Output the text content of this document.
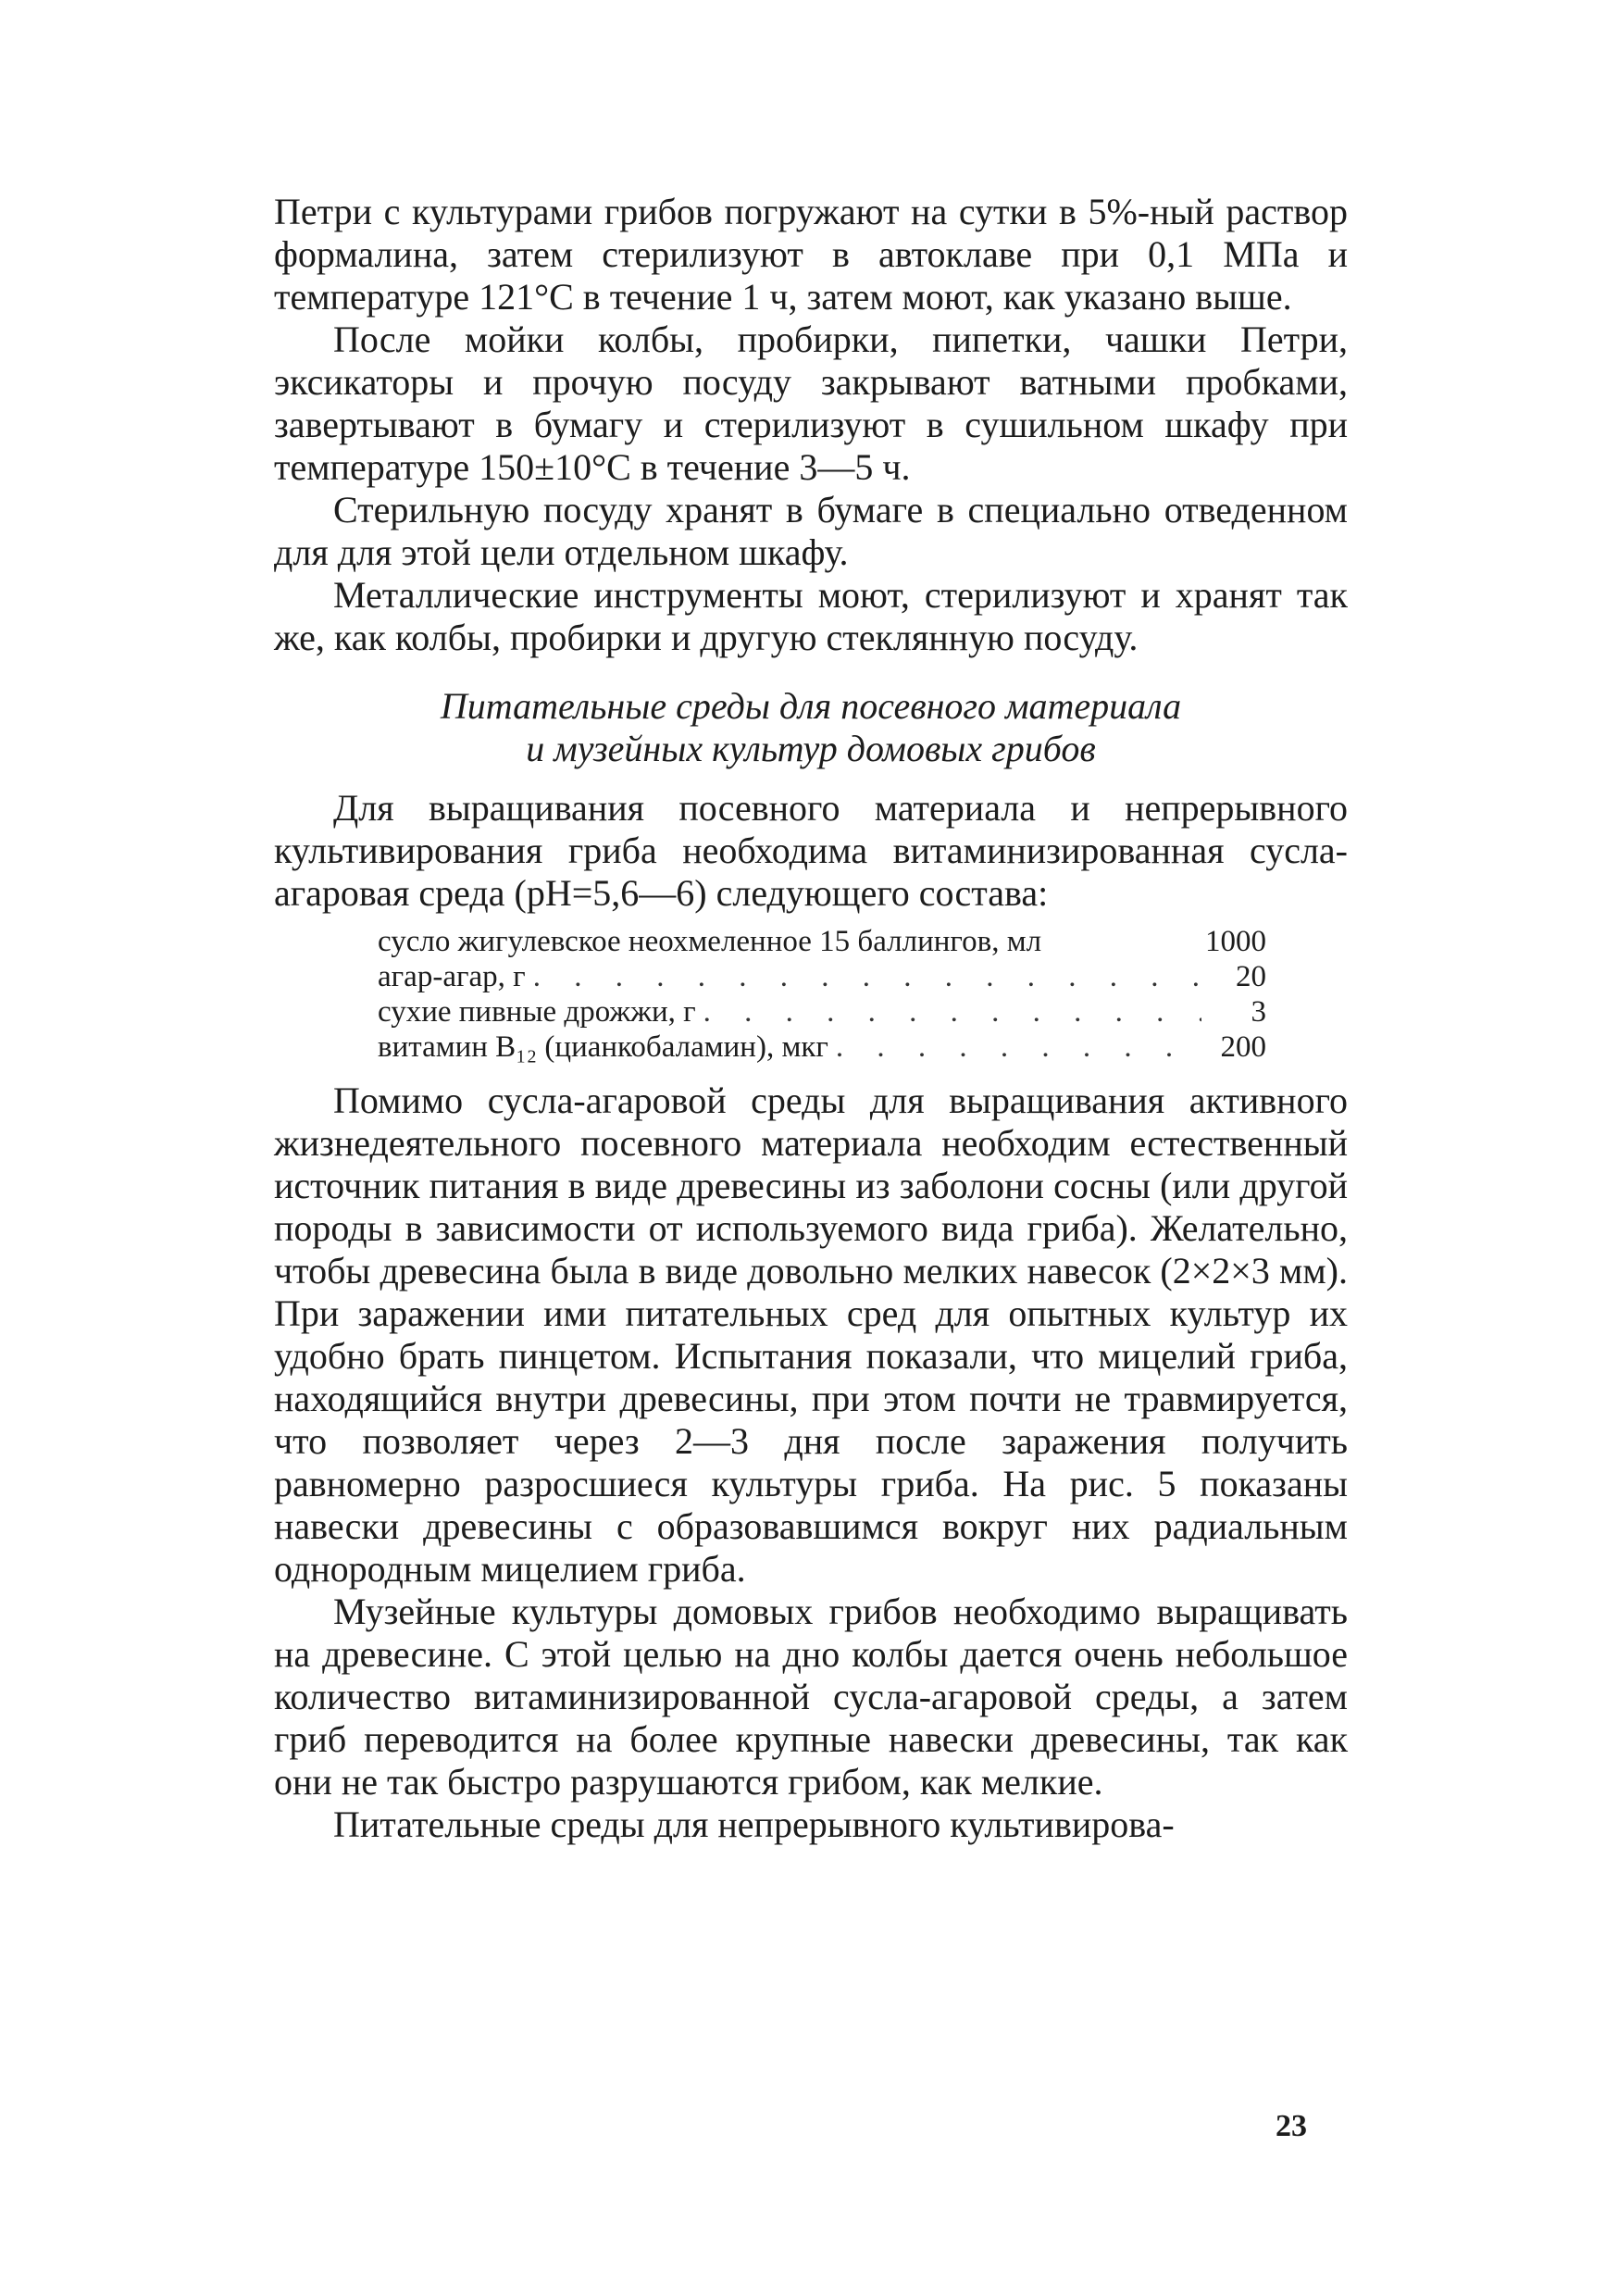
Петри с культурами грибов погружают на сутки в 5%-ный раствор формалина, затем стерилизуют в автоклаве при 0,1 МПа и температуре 121°С в течение 1 ч, затем моют, как указано выше.

После мойки колбы, пробирки, пипетки, чашки Петри, эксикаторы и прочую посуду закрывают ватными пробками, завертывают в бумагу и стерилизуют в сушильном шкафу при температуре 150±10°С в течение 3—5 ч.

Стерильную посуду хранят в бумаге в специально отведенном для для этой цели отдельном шкафу.

Металлические инструменты моют, стерилизуют и хранят так же, как колбы, пробирки и другую стеклянную посуду.

Питательные среды для посевного материала
и музейных культур домовых грибов

Для выращивания посевного материала и непрерывного культивирования гриба необходима витаминизированная сусла-агаровая среда (рН=5,6—6) следующего состава:

сусло жигулевское неохмеленное 15 баллингов, мл	1000
агар-агар, г . . .	20
сухие пивные дрожжи, г . . .	3
витамин B₁₂ (цианкобаламин), мкг . . .	200

Помимо сусла-агаровой среды для выращивания активного жизнедеятельного посевного материала необходим естественный источник питания в виде древесины из заболони сосны (или другой породы в зависимости от используемого вида гриба). Желательно, чтобы древесина была в виде довольно мелких навесок (2×2×3 мм). При заражении ими питательных сред для опытных культур их удобно брать пинцетом. Испытания показали, что мицелий гриба, находящийся внутри древесины, при этом почти не травмируется, что позволяет через 2—3 дня после заражения получить равномерно разросшиеся культуры гриба. На рис. 5 показаны навески древесины с образовавшимся вокруг них радиальным однородным мицелием гриба.

Музейные культуры домовых грибов необходимо выращивать на древесине. С этой целью на дно колбы дается очень небольшое количество витаминизированной сусла-агаровой среды, а затем гриб переводится на более крупные навески древесины, так как они не так быстро разрушаются грибом, как мелкие.

Питательные среды для непрерывного культивирова-

23
